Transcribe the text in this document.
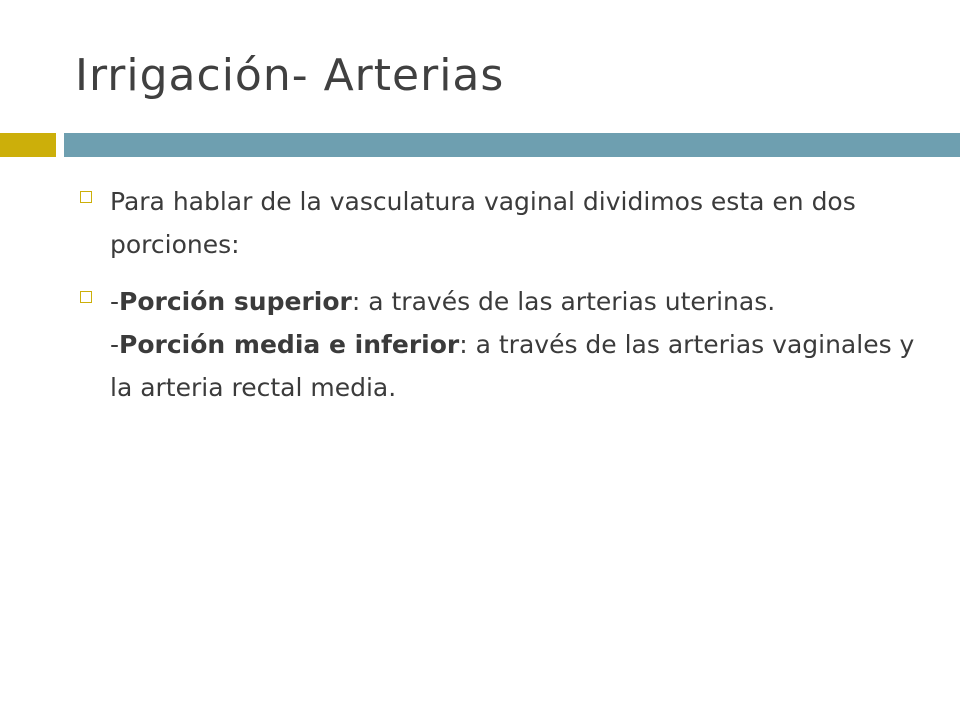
Irrigación- Arterias
Para hablar de la vasculatura vaginal dividimos esta en dos porciones:
-Porción superior: a través de las arterias uterinas.
-Porción media e inferior: a través de las arterias vaginales y la arteria rectal media.
